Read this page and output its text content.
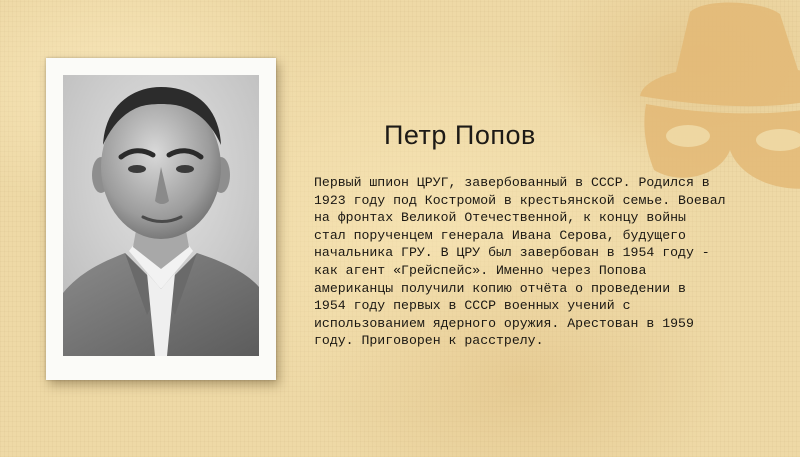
Петр Попов

Первый шпион ЦРУГ, завербованный в СССР. Родился в
1923 году под Костромой в крестьянской семье. Воевал
на фронтах Великой Отечественной, к концу войны
стал порученцем генерала Ивана Серова, будущего
начальника ГРУ. В ЦРУ был завербован в 1954 году -
как агент «Грейспейс». Именно через Попова
американцы получили копию отчёта о проведении в
1954 году первых в СССР военных учений с
использованием ядерного оружия. Арестован в 1959
году. Приговорен к расстрелу.
